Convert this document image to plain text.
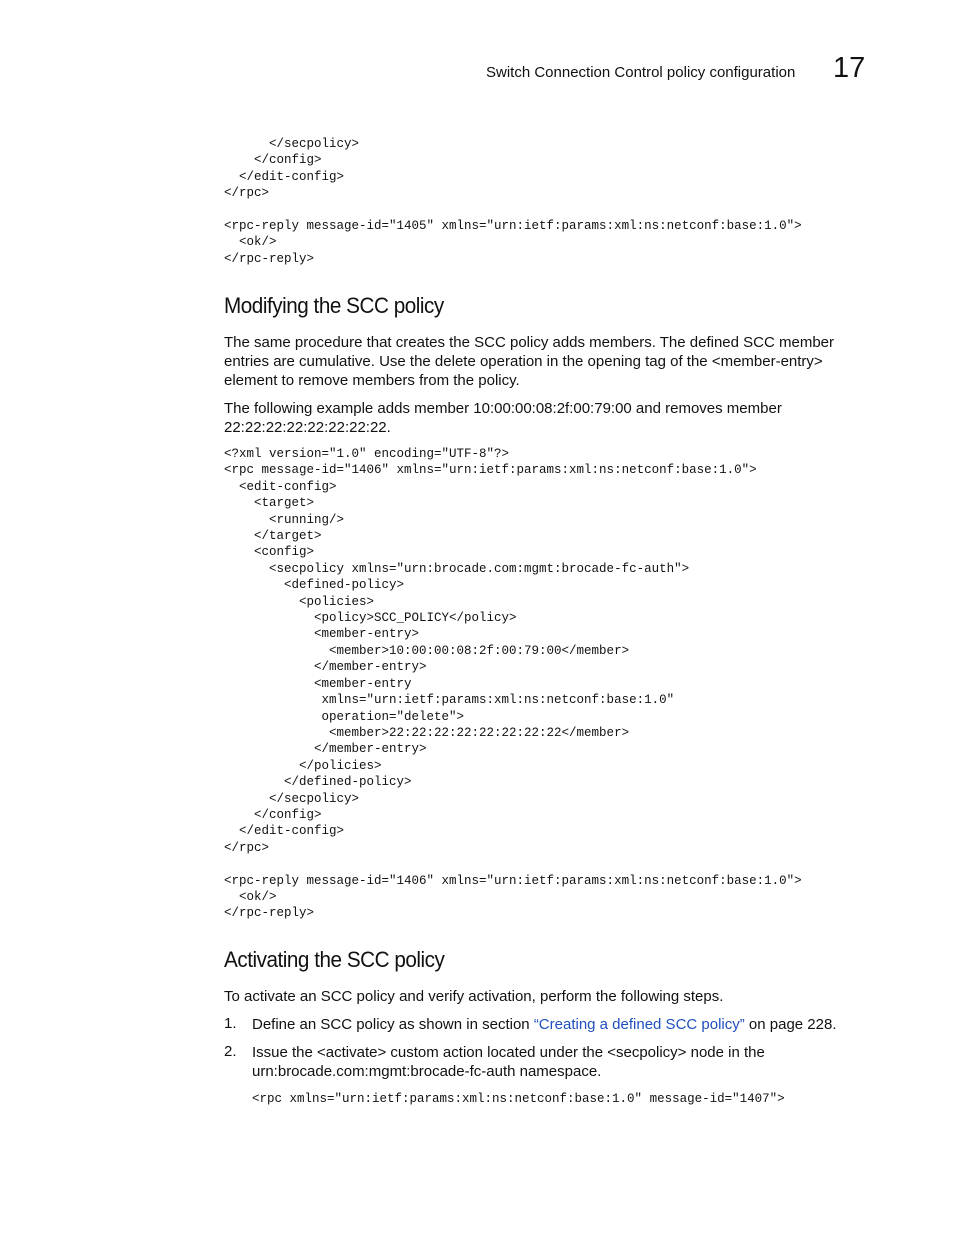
Switch Connection Control policy configuration 17
</secpolicy>
</config>
</edit-config>
</rpc>

<rpc-reply message-id="1405" xmlns="urn:ietf:params:xml:ns:netconf:base:1.0">
<ok/>
</rpc-reply>
Modifying the SCC policy

The same procedure that creates the SCC policy adds members. The defined SCC member entries are cumulative. Use the delete operation in the opening tag of the <member-entry> element to remove members from the policy.

The following example adds member 10:00:00:08:2f:00:79:00 and removes member 22:22:22:22:22:22:22:22.

<?xml version="1.0" encoding="UTF-8"?>
<rpc message-id="1406" xmlns="urn:ietf:params:xml:ns:netconf:base:1.0">
<edit-config>
<target>
<running/>
</target>
<config>
<secpolicy xmlns="urn:brocade.com:mgmt:brocade-fc-auth">
<defined-policy>
<policies>
<policy>SCC_POLICY</policy>
<member-entry>
<member>10:00:00:08:2f:00:79:00</member>
</member-entry>
<member-entry
xmlns="urn:ietf:params:xml:ns:netconf:base:1.0"
operation="delete">
<member>22:22:22:22:22:22:22:22</member>
</member-entry>
</policies>
</defined-policy>
</secpolicy>
</config>
</edit-config>
</rpc>

<rpc-reply message-id="1406" xmlns="urn:ietf:params:xml:ns:netconf:base:1.0">
<ok/>
</rpc-reply>
Activating the SCC policy

To activate an SCC policy and verify activation, perform the following steps.

1. Define an SCC policy as shown in section “Creating a defined SCC policy” on page 228.
2. Issue the <activate> custom action located under the <secpolicy> node in the urn:brocade.com:mgmt:brocade-fc-auth namespace.
<rpc xmlns="urn:ietf:params:xml:ns:netconf:base:1.0" message-id="1407">
